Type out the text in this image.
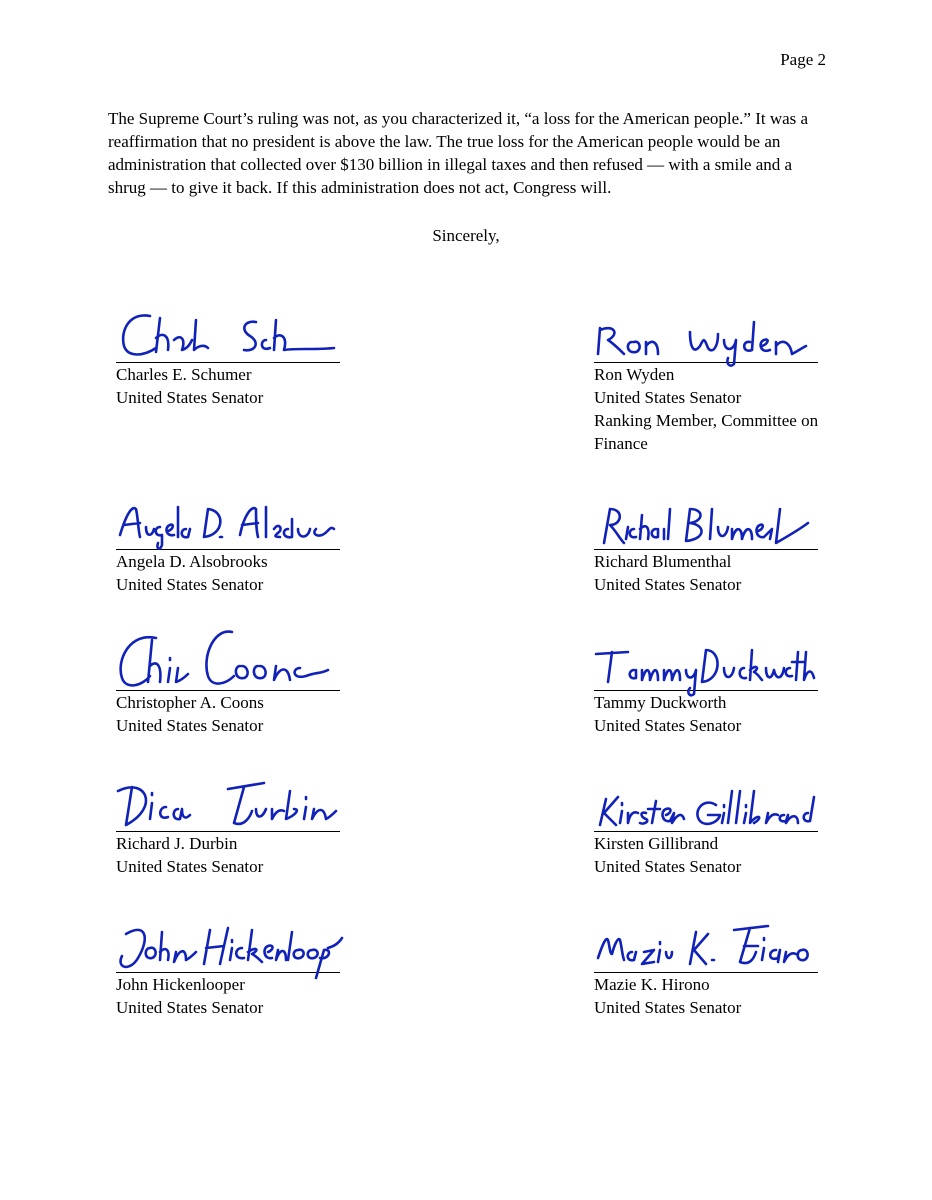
Page 2

The Supreme Court’s ruling was not, as you characterized it, “a loss for the American people.” It was a reaffirmation that no president is above the law. The true loss for the American people would be an administration that collected over $130 billion in illegal taxes and then refused — with a smile and a shrug — to give it back. If this administration does not act, Congress will.

Sincerely,
Charles E. Schumer
United States Senator
Ron Wyden
United States Senator
Ranking Member, Committee on Finance
Angela D. Alsobrooks
United States Senator
Richard Blumenthal
United States Senator
Christopher A. Coons
United States Senator
Tammy Duckworth
United States Senator
Richard J. Durbin
United States Senator
Kirsten Gillibrand
United States Senator
John Hickenlooper
United States Senator
Mazie K. Hirono
United States Senator
